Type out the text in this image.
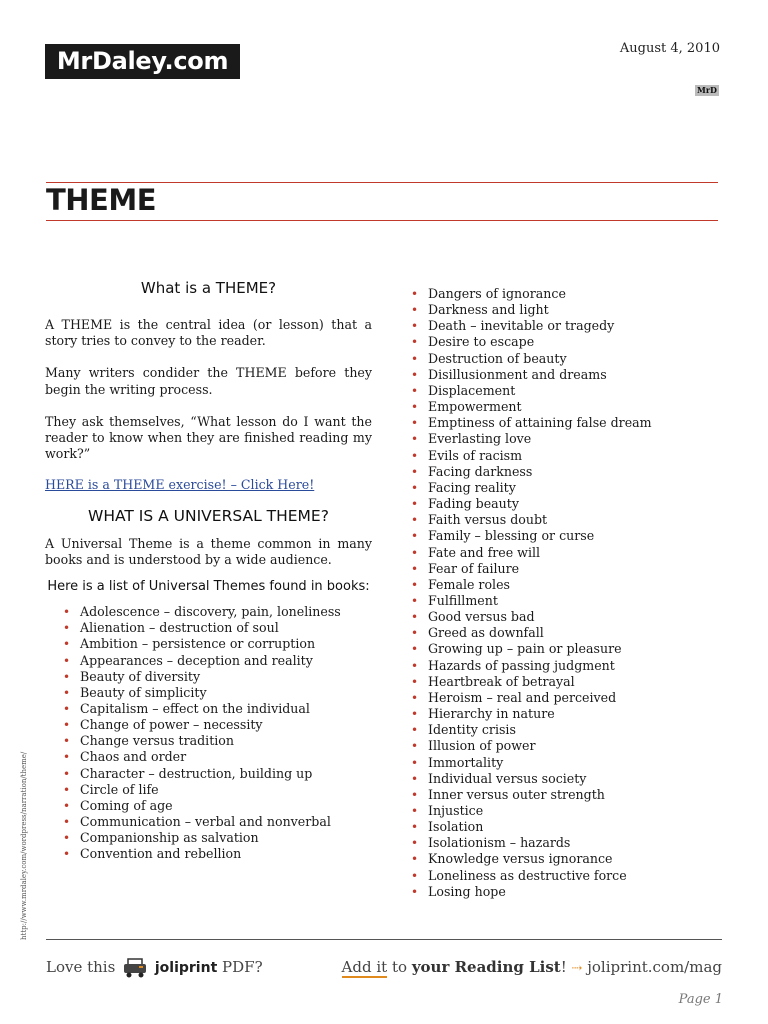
MrDaley.com	August 4, 2010
MrD
THEME
What is a THEME?

A THEME is the central idea (or lesson) that a story tries to convey to the reader.

Many writers condider the THEME before they begin the writing process.

They ask themselves, “What lesson do I want the reader to know when they are finished reading my work?”

HERE is a THEME exercise! – Click Here!
WHAT IS A UNIVERSAL THEME?

A Universal Theme is a theme common in many books and is understood by a wide audience.

Here is a list of Universal Themes found in books:
• Adolescence – discovery, pain, loneliness
• Alienation – destruction of soul
• Ambition – persistence or corruption
• Appearances – deception and reality
• Beauty of diversity
• Beauty of simplicity
• Capitalism – effect on the individual
• Change of power – necessity
• Change versus tradition
• Chaos and order
• Character – destruction, building up
• Circle of life
• Coming of age
• Communication – verbal and nonverbal
• Companionship as salvation
• Convention and rebellion
• Dangers of ignorance
• Darkness and light
• Death – inevitable or tragedy
• Desire to escape
• Destruction of beauty
• Disillusionment and dreams
• Displacement
• Empowerment
• Emptiness of attaining false dream
• Everlasting love
• Evils of racism
• Facing darkness
• Facing reality
• Fading beauty
• Faith versus doubt
• Family – blessing or curse
• Fate and free will
• Fear of failure
• Female roles
• Fulfillment
• Good versus bad
• Greed as downfall
• Growing up – pain or pleasure
• Hazards of passing judgment
• Heartbreak of betrayal
• Heroism – real and perceived
• Hierarchy in nature
• Identity crisis
• Illusion of power
• Immortality
• Individual versus society
• Inner versus outer strength
• Injustice
• Isolation
• Isolationism – hazards
• Knowledge versus ignorance
• Loneliness as destructive force
• Losing hope
http://www.mrdaley.com/wordpress/narration/theme/
Love this	joliprint PDF?	Add it to your Reading List! ⇢ joliprint.com/mag
Page 1
